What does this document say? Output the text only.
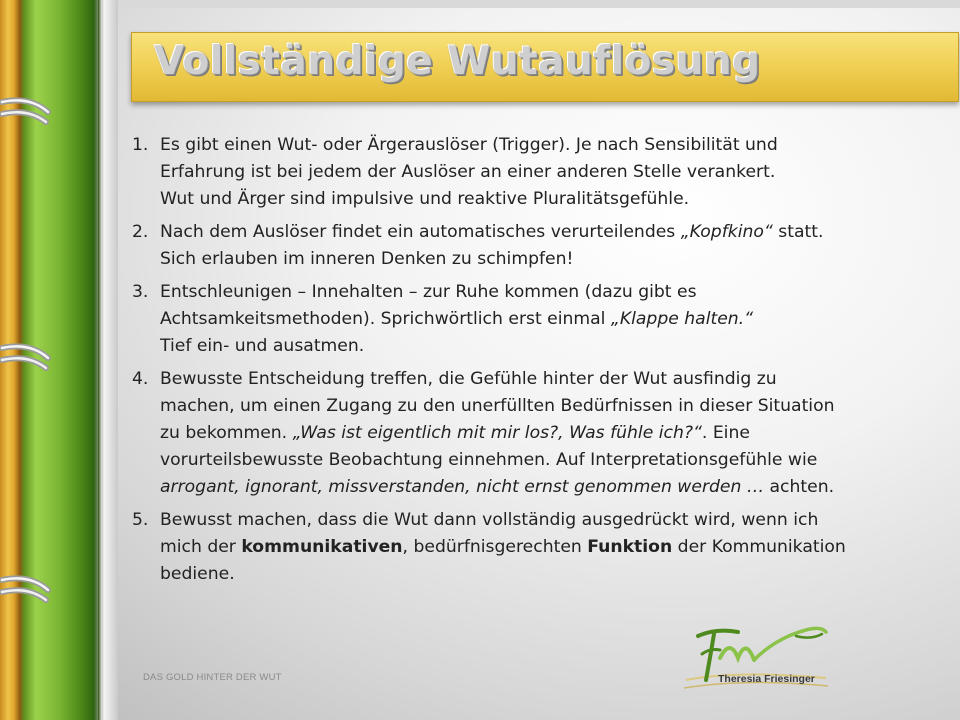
Vollständige Wutauflösung
1. Es gibt einen Wut- oder Ärgerauslöser (Trigger). Je nach Sensibilität und
Erfahrung ist bei jedem der Auslöser an einer anderen Stelle verankert.
Wut und Ärger sind impulsive und reaktive Pluralitätsgefühle.
2. Nach dem Auslöser findet ein automatisches verurteilendes „Kopfkino“ statt.
Sich erlauben im inneren Denken zu schimpfen!
3. Entschleunigen – Innehalten – zur Ruhe kommen (dazu gibt es
Achtsamkeitsmethoden). Sprichwörtlich erst einmal „Klappe halten.“
Tief ein- und ausatmen.
4. Bewusste Entscheidung treffen, die Gefühle hinter der Wut ausfindig zu
machen, um einen Zugang zu den unerfüllten Bedürfnissen in dieser Situation
zu bekommen. „Was ist eigentlich mit mir los?, Was fühle ich?“. Eine
vorurteilsbewusste Beobachtung einnehmen. Auf Interpretationsgefühle wie
arrogant, ignorant, missverstanden, nicht ernst genommen werden … achten.
5. Bewusst machen, dass die Wut dann vollständig ausgedrückt wird, wenn ich
mich der kommunikativen, bedürfnisgerechten Funktion der Kommunikation
bediene.
DAS GOLD HINTER DER WUT	Theresia Friesinger
